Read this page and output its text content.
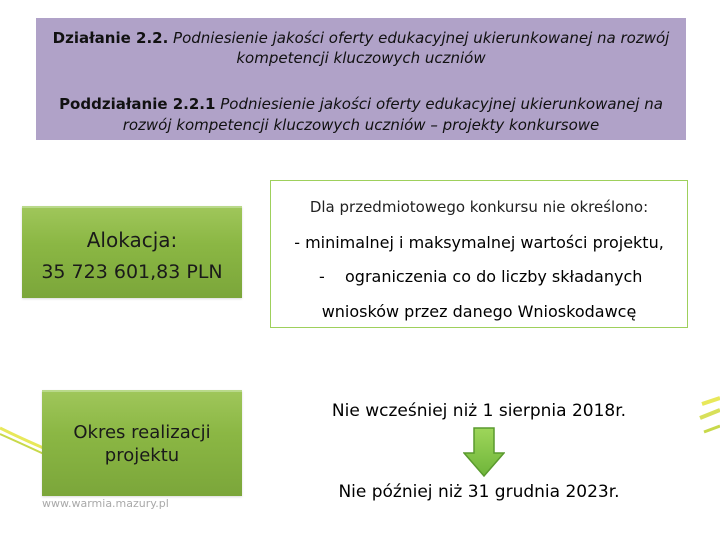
Działanie 2.2. Podniesienie jakości oferty edukacyjnej ukierunkowanej na rozwój
kompetencji kluczowych uczniów
Poddziałanie 2.2.1 Podniesienie jakości oferty edukacyjnej ukierunkowanej na
rozwój kompetencji kluczowych uczniów – projekty konkursowe
Alokacja:
35 723 601,83 PLN
Dla przedmiotowego konkursu nie określono:
- minimalnej i maksymalnej wartości projektu,
- ograniczenia co do liczby składanych
wniosków przez danego Wnioskodawcę
Okres realizacji
projektu
Nie wcześniej niż 1 sierpnia 2018r.
Nie później niż 31 grudnia 2023r.
www.warmia.mazury.pl
